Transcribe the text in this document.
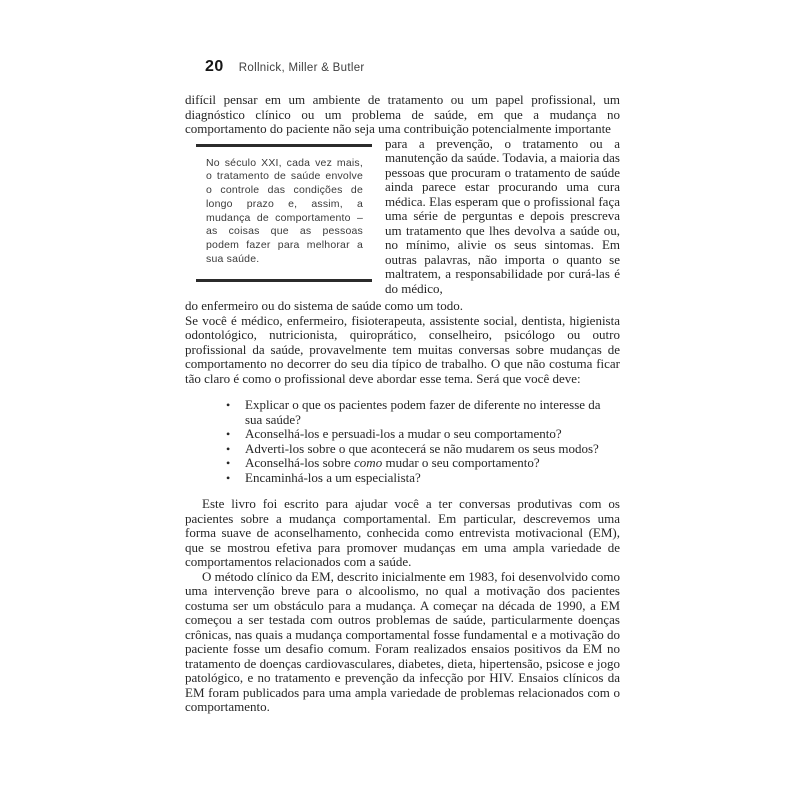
20 Rollnick, Miller & Butler
difícil pensar em um ambiente de tratamento ou um papel profissional, um diagnóstico clínico ou um problema de saúde, em que a mudança no comportamento do paciente não seja uma contribuição potencialmente importante
No século XXI, cada vez mais, o tratamento de saúde envolve o controle das condições de longo prazo e, assim, a mudança de comportamento – as coisas que as pessoas podem fazer para melhorar a sua saúde.
para a prevenção, o tratamento ou a manutenção da saúde. Todavia, a maioria das pessoas que procuram o tratamento de saúde ainda parece estar procurando uma cura médica. Elas esperam que o profissional faça uma série de perguntas e depois prescreva um tratamento que lhes devolva a saúde ou, no mínimo, alivie os seus sintomas. Em outras palavras, não importa o quanto se maltratem, a responsabilidade por curá-las é do médico,
do enfermeiro ou do sistema de saúde como um todo.
Se você é médico, enfermeiro, fisioterapeuta, assistente social, dentista, higienista odontológico, nutricionista, quiroprático, conselheiro, psicólogo ou outro profissional da saúde, provavelmente tem muitas conversas sobre mudanças de comportamento no decorrer do seu dia típico de trabalho. O que não costuma ficar tão claro é como o profissional deve abordar esse tema. Será que você deve:
•	Explicar o que os pacientes podem fazer de diferente no interesse da sua saúde?
•	Aconselhá-los e persuadi-los a mudar o seu comportamento?
•	Adverti-los sobre o que acontecerá se não mudarem os seus modos?
•	Aconselhá-los sobre como mudar o seu comportamento?
•	Encaminhá-los a um especialista?
Este livro foi escrito para ajudar você a ter conversas produtivas com os pacientes sobre a mudança comportamental. Em particular, descrevemos uma forma suave de aconselhamento, conhecida como entrevista motivacional (EM), que se mostrou efetiva para promover mudanças em uma ampla variedade de comportamentos relacionados com a saúde.
O método clínico da EM, descrito inicialmente em 1983, foi desenvolvido como uma intervenção breve para o alcoolismo, no qual a motivação dos pacientes costuma ser um obstáculo para a mudança. A começar na década de 1990, a EM começou a ser testada com outros problemas de saúde, particularmente doenças crônicas, nas quais a mudança comportamental fosse fundamental e a motivação do paciente fosse um desafio comum. Foram realizados ensaios positivos da EM no tratamento de doenças cardiovasculares, diabetes, dieta, hipertensão, psicose e jogo patológico, e no tratamento e prevenção da infecção por HIV. Ensaios clínicos da EM foram publicados para uma ampla variedade de problemas relacionados com o comportamento.
